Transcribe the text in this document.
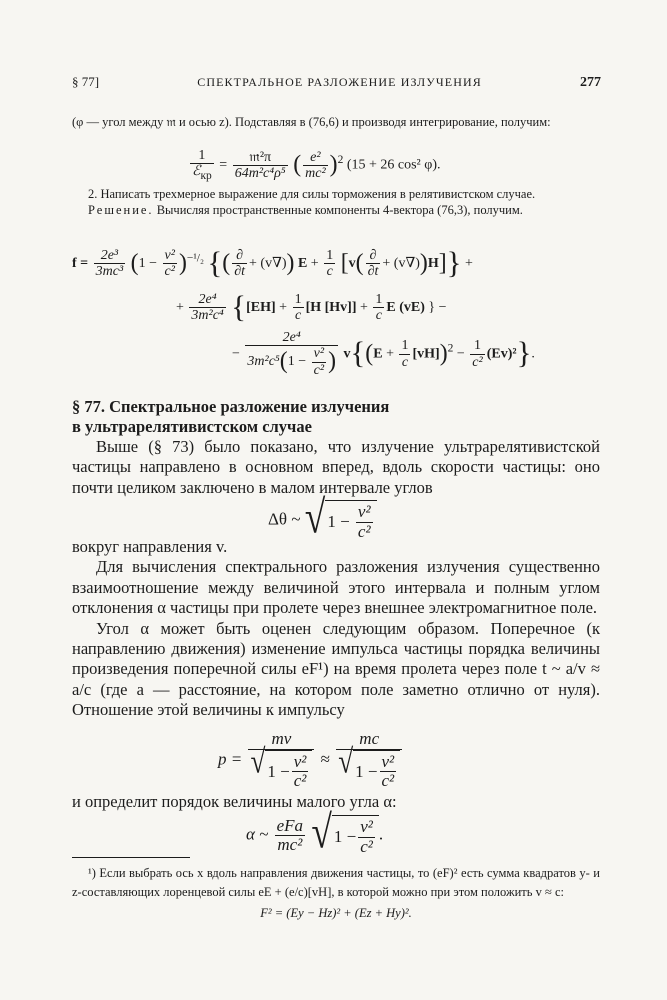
§ 77]	СПЕКТРАЛЬНОЕ РАЗЛОЖЕНИЕ ИЗЛУЧЕНИЯ	277
(φ — угол между 𝔪 и осью z). Подставляя в (76,6) и производя интегрирование, получим:
$\frac{1}{ℰ_{кр}} = \frac{\text{𝔪²π}}{\text{64m²c⁴ρ⁵}}$ ( $\frac{\text{e²}}{\text{mc²}} )^2$ (15 + 26 cos² φ).
2. Написать трехмерное выражение для силы торможения в релятивистском случае.
Решение. Вычисляя пространственные компоненты 4-вектора (76,3), получим.
$f = \frac{\text{2e³}}{\text{3mc³}} (1 - \frac{\text{v²}}{\text{c²}} )^{-^1/_2}$ {( $\frac{\partial}{\partial t} + (v\nabla)$) $E + \frac{1}{c} [v( \frac{\partial}{\partial t} + (v\nabla))H]$} +
+ $\frac{\text{2e⁴}}{\text{3m²c⁴}} \{[EH] + \frac{1}{c} [H$ $[Hv]] + \frac{1}{c}$ E (vE) } −
− $\frac{\text{2e⁴}}{3m^2c^5(1 - \frac{\text{v²}}{\text{c²}} )} v\{(E + \frac{1}{c} [vH])^2 - \frac{1}{\text{c²}} (Ev)^2\}$.
§ 77. Спектральное разложение излучения
в ультрарелятивистском случае

Выше (§ 73) было показано, что излучение ультрарелятивистской частицы направлено в основном вперед, вдоль скорости частицы: оно почти целиком заключено в малом интервале углов

Δθ ~ √ 1 −
$\frac{\text{v²}}{\text{c²}}$

вокруг направления v.

Для вычисления спектрального разложения излучения существенно взаимоотношение между величиной этого интервала и полным углом отклонения α частицы при пролете через внешнее электромагнитное поле.

Угол α может быть оценен следующим образом. Поперечное (к направлению движения) изменение импульса частицы порядка величины произведения поперечной силы eF¹) на время пролета через поле t ~ a/v ≈ a/c (где a — расстояние, на котором поле заметно отлично от нуля). Отношение этой величины к импульсу

$p = \frac{mv}{√ 1 - \frac{\text{v²}}{\text{c²}}} \approx \frac{mc}{√ 1 - \frac{\text{v²}}{\text{c²}}}$

и определит порядок величины малого угла α:

α ~ $\frac{\text{eFa}}{\text{mc²}}$
√ $1 - \frac{\text{v²}}{\text{c²}}$ .

¹) Если выбрать ось x вдоль направления движения частицы, то (eF)² есть сумма квадратов y- и z-составляющих лоренцевой силы eE + (e/c)[vH], в которой можно при этом положить v ≈ c:

F² = (Ey − Hz)² + (Ez + Hy)².
